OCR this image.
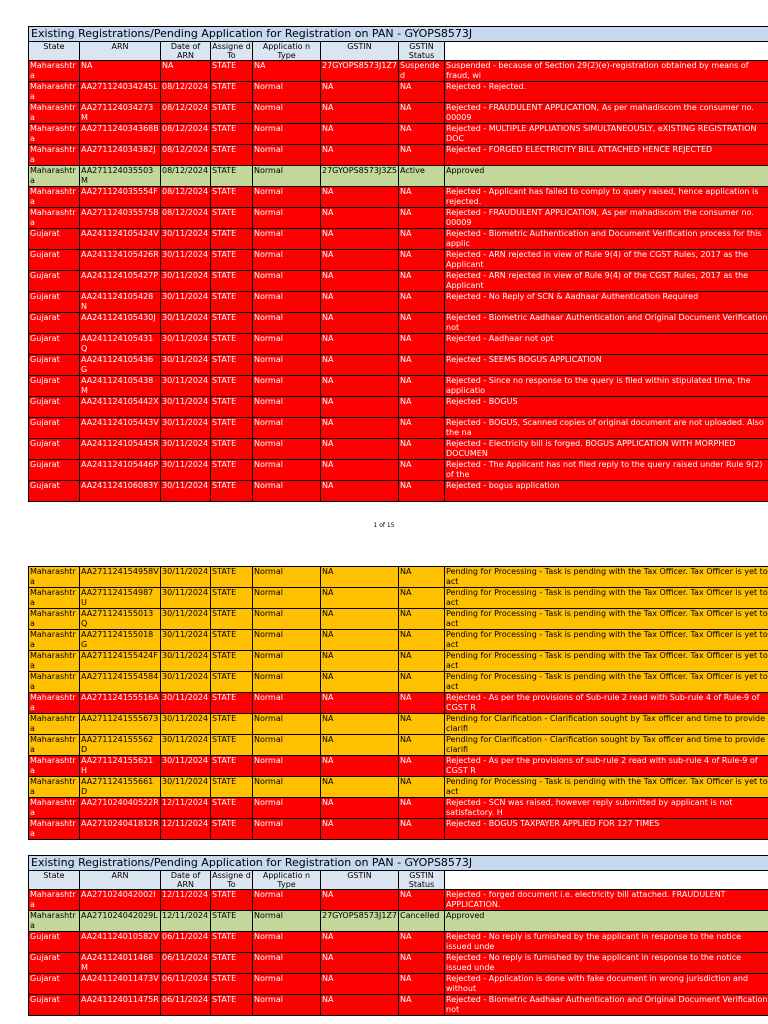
Existing Registrations/Pending Application for Registration on PAN - GYOPS8573J							
State	ARN	Date of ARN	Assigne d To	Applicatio n Type	GSTIN	GSTIN Status	
Maharashtra	NA	NA	STATE	NA	27GYOPS8573J1Z7	Suspended	Suspended - because of Section 29(2)(e)-registration obtained by means of fraud, wi
Maharashtra	AA271124034245L	08/12/2024	STATE	Normal	NA	NA	Rejected - Rejected.
Maharashtra	AA271124034273M	08/12/2024	STATE	Normal	NA	NA	Rejected - FRAUDULENT APPLICATION, As per mahadiscom the consumer no. 00009
Maharashtra	AA271124034368B	08/12/2024	STATE	Normal	NA	NA	Rejected - MULTIPLE APPLIATIONS SIMULTANEOUSLY, eXISTING REGISTRATION DOC
Maharashtra	AA271124034382J	08/12/2024	STATE	Normal	NA	NA	Rejected - FORGED ELECTRICITY BILL ATTACHED HENCE REJECTED
Maharashtra	AA271124035503M	08/12/2024	STATE	Normal	27GYOPS8573J3Z5	Active	Approved
Maharashtra	AA271124035554F	08/12/2024	STATE	Normal	NA	NA	Rejected - Applicant has failed to comply to query raised, hence application is rejected.
Maharashtra	AA271124035575B	08/12/2024	STATE	Normal	NA	NA	Rejected - FRAUDULENT APPLICATION, As per mahadiscom the consumer no. 00009
Gujarat	AA241124105424V	30/11/2024	STATE	Normal	NA	NA	Rejected - Biometric Authentication and Document Verification process for this applic
Gujarat	AA241124105426R	30/11/2024	STATE	Normal	NA	NA	Rejected - ARN rejected in view of Rule 9(4) of the CGST Rules, 2017 as the Applicant
Gujarat	AA241124105427P	30/11/2024	STATE	Normal	NA	NA	Rejected - ARN rejected in view of Rule 9(4) of the CGST Rules, 2017 as the Applicant
Gujarat	AA241124105428N	30/11/2024	STATE	Normal	NA	NA	Rejected - No Reply of SCN & Aadhaar Authentication Required
Gujarat	AA241124105430J	30/11/2024	STATE	Normal	NA	NA	Rejected - Biometric Aadhaar Authentication and Original Document Verification not
Gujarat	AA241124105431Q	30/11/2024	STATE	Normal	NA	NA	Rejected - Aadhaar not opt
Gujarat	AA241124105436G	30/11/2024	STATE	Normal	NA	NA	Rejected - SEEMS BOGUS APPLICATION
Gujarat	AA241124105438M	30/11/2024	STATE	Normal	NA	NA	Rejected - Since no response to the query is filed within stipulated time, the applicatio
Gujarat	AA241124105442X	30/11/2024	STATE	Normal	NA	NA	Rejected - BOGUS
Gujarat	AA241124105443V	30/11/2024	STATE	Normal	NA	NA	Rejected - BOGUS, Scanned copies of original document are not uploaded. Also the na
Gujarat	AA241124105445R	30/11/2024	STATE	Normal	NA	NA	Rejected - Electricity bill is forged. BOGUS APPLICATION WITH MORPHED DOCUMEN
Gujarat	AA241124105446P	30/11/2024	STATE	Normal	NA	NA	Rejected - The Applicant has not filed reply to the query raised under Rule 9(2) of the
Gujarat	AA241124106083Y	30/11/2024	STATE	Normal	NA	NA	Rejected - bogus application
1 of 15
Maharashtra	AA271124154958V	30/11/2024	STATE	Normal	NA	NA	Pending for Processing - Task is pending with the Tax Officer. Tax Officer is yet to act
Maharashtra	AA271124154987U	30/11/2024	STATE	Normal	NA	NA	Pending for Processing - Task is pending with the Tax Officer. Tax Officer is yet to act
Maharashtra	AA271124155013Q	30/11/2024	STATE	Normal	NA	NA	Pending for Processing - Task is pending with the Tax Officer. Tax Officer is yet to act
Maharashtra	AA271124155018G	30/11/2024	STATE	Normal	NA	NA	Pending for Processing - Task is pending with the Tax Officer. Tax Officer is yet to act
Maharashtra	AA271124155424F	30/11/2024	STATE	Normal	NA	NA	Pending for Processing - Task is pending with the Tax Officer. Tax Officer is yet to act
Maharashtra	AA2711241554584	30/11/2024	STATE	Normal	NA	NA	Pending for Processing - Task is pending with the Tax Officer. Tax Officer is yet to act
Maharashtra	AA271124155516A	30/11/2024	STATE	Normal	NA	NA	Rejected - As per the provisions of Sub-rule 2 read with Sub-rule 4 of Rule-9 of CGST R
Maharashtra	AA2711241555673	30/11/2024	STATE	Normal	NA	NA	Pending for Clarification - Clarification sought by Tax officer and time to provide clarifi
Maharashtra	AA271124155562D	30/11/2024	STATE	Normal	NA	NA	Pending for Clarification - Clarification sought by Tax officer and time to provide clarifi
Maharashtra	AA271124155621H	30/11/2024	STATE	Normal	NA	NA	Rejected - As per the provisions of sub-rule 2 read with sub-rule 4 of Rule-9 of CGST R
Maharashtra	AA271124155661D	30/11/2024	STATE	Normal	NA	NA	Pending for Processing - Task is pending with the Tax Officer. Tax Officer is yet to act
Maharashtra	AA271024040522R	12/11/2024	STATE	Normal	NA	NA	Rejected - SCN was raised, however reply submitted by applicant is not satisfactory. H
Maharashtra	AA271024041812R	12/11/2024	STATE	Normal	NA	NA	Rejected - BOGUS TAXPAYER APPLIED FOR 127 TIMES
Existing Registrations/Pending Application for Registration on PAN - GYOPS8573J							
State	ARN	Date of ARN	Assigne d To	Applicatio n Type	GSTIN	GSTIN Status	
Maharashtra	AA271024042002I	12/11/2024	STATE	Normal	NA	NA	Rejected - forged document i.e. electricity bill attached. FRAUDULENT APPLICATION.
Maharashtra	AA271024042029L	12/11/2024	STATE	Normal	27GYOPS8573J1Z7	Cancelled	Approved
Gujarat	AA241124010582V	06/11/2024	STATE	Normal	NA	NA	Rejected - No reply is furnished by the applicant in response to the notice issued unde
Gujarat	AA241124011468M	06/11/2024	STATE	Normal	NA	NA	Rejected - No reply is furnished by the applicant in response to the notice issued unde
Gujarat	AA241124011473V	06/11/2024	STATE	Normal	NA	NA	Rejected - Application is done with fake document in wrong jurisdiction and without
Gujarat	AA241124011475R	06/11/2024	STATE	Normal	NA	NA	Rejected - Biometric Aadhaar Authentication and Original Document Verification not
